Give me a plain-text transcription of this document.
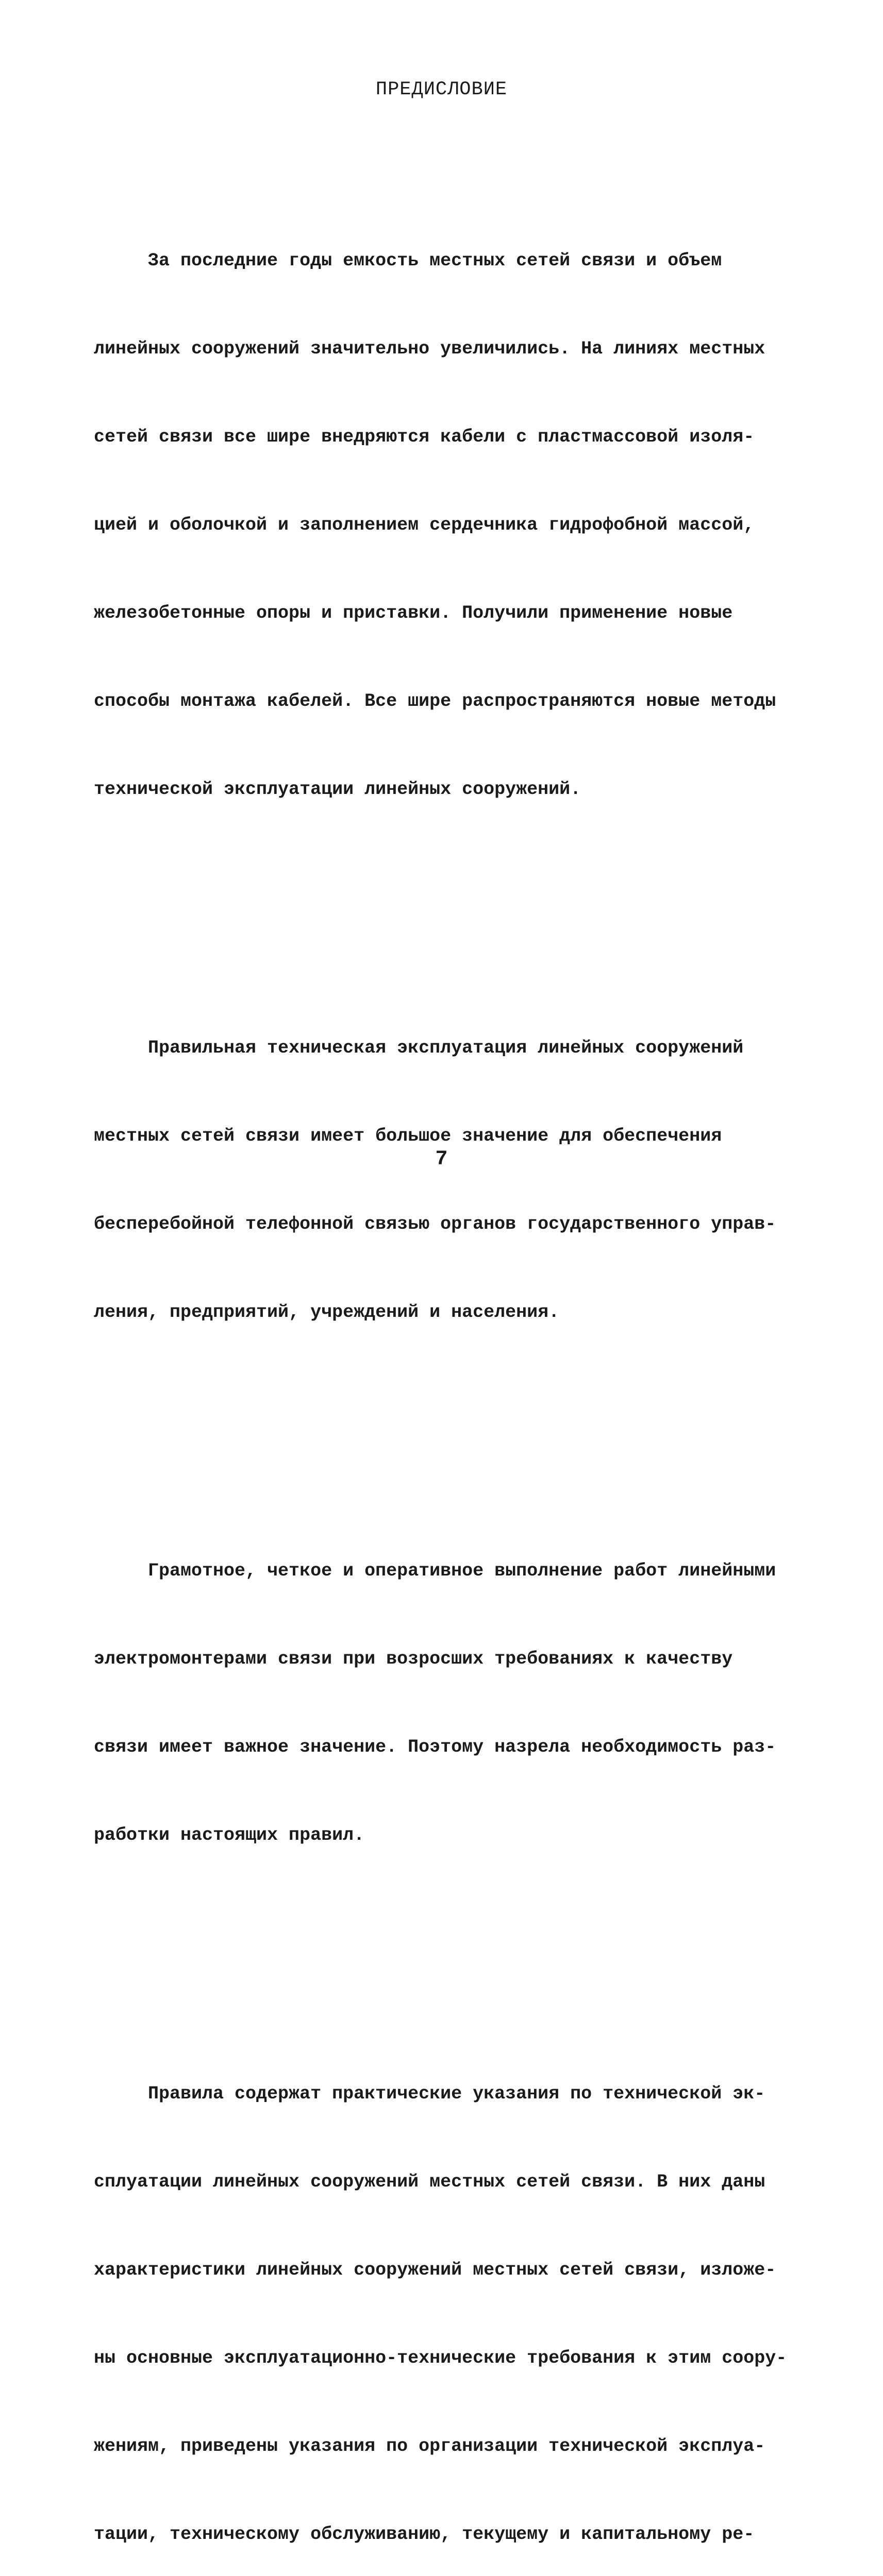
ПРЕДИСЛОВИЕ

За последние годы емкость местных сетей связи и объем

линейных сооружений значительно увеличились. На линиях местных

сетей связи все шире внедряются кабели с пластмассовой изоля-

цией и оболочкой и заполнением сердечника гидрофобной массой,

железобетонные опоры и приставки. Получили применение новые

способы монтажа кабелей. Все шире распространяются новые методы

технической эксплуатации линейных сооружений.

Правильная техническая эксплуатация линейных сооружений

местных сетей связи имеет большое значение для обеспечения

бесперебойной телефонной связью органов государственного управ-

ления, предприятий, учреждений и населения.

Грамотное, четкое и оперативное выполнение работ линейными

электромонтерами связи при возросших требованиях к качеству

связи имеет важное значение. Поэтому назрела необходимость раз-

работки настоящих правил.

Правила содержат практические указания по технической эк-

сплуатации линейных сооружений местных сетей связи. В них даны

характеристики линейных сооружений местных сетей связи, изложе-

ны основные эксплуатационно-технические требования к этим соору-

жениям, приведены указания по организации технической эксплуа-

тации, техническому обслуживанию, текущему и капитальному ре-

7
